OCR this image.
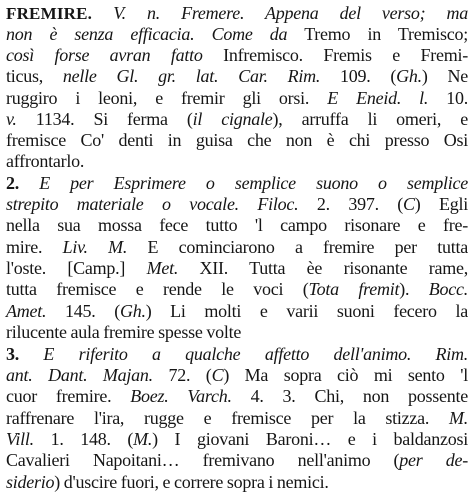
FREMIRE. V. n. Fremere. Appena del verso; ma
non è senza efficacia. Come da Tremo in Tremisco;
così forse avran fatto Infremisco. Fremis e Fremi-
ticus, nelle Gl. gr. lat. Car. Rim. 109. (Gh.) Ne
ruggiro i leoni, e fremir gli orsi. E Eneid. l. 10.
v. 1134. Si ferma (il cignale), arruffa li omeri, e
fremisce Co' denti in guisa che non è chi presso Osi
affrontarlo.
2. E per Esprimere o semplice suono o semplice
strepito materiale o vocale. Filoc. 2. 397. (C) Egli
nella sua mossa fece tutto 'l campo risonare e fre-
mire. Liv. M. E cominciarono a fremire per tutta
l'oste. [Camp.] Met. XII. Tutta èe risonante rame,
tutta fremisce e rende le voci (Tota fremit). Bocc.
Amet. 145. (Gh.) Li molti e varii suoni fecero la
rilucente aula fremire spesse volte
3. E riferito a qualche affetto dell'animo. Rim.
ant. Dant. Majan. 72. (C) Ma sopra ciò mi sento 'l
cuor fremire. Boez. Varch. 4. 3. Chi, non possente
raffrenare l'ira, rugge e fremisce per la stizza. M.
Vill. 1. 148. (M.) I giovani Baroni… e i baldanzosi
Cavalieri Napoitani… fremivano nell'animo (per de-
siderio) d'uscire fuori, e correre sopra i nemici.
